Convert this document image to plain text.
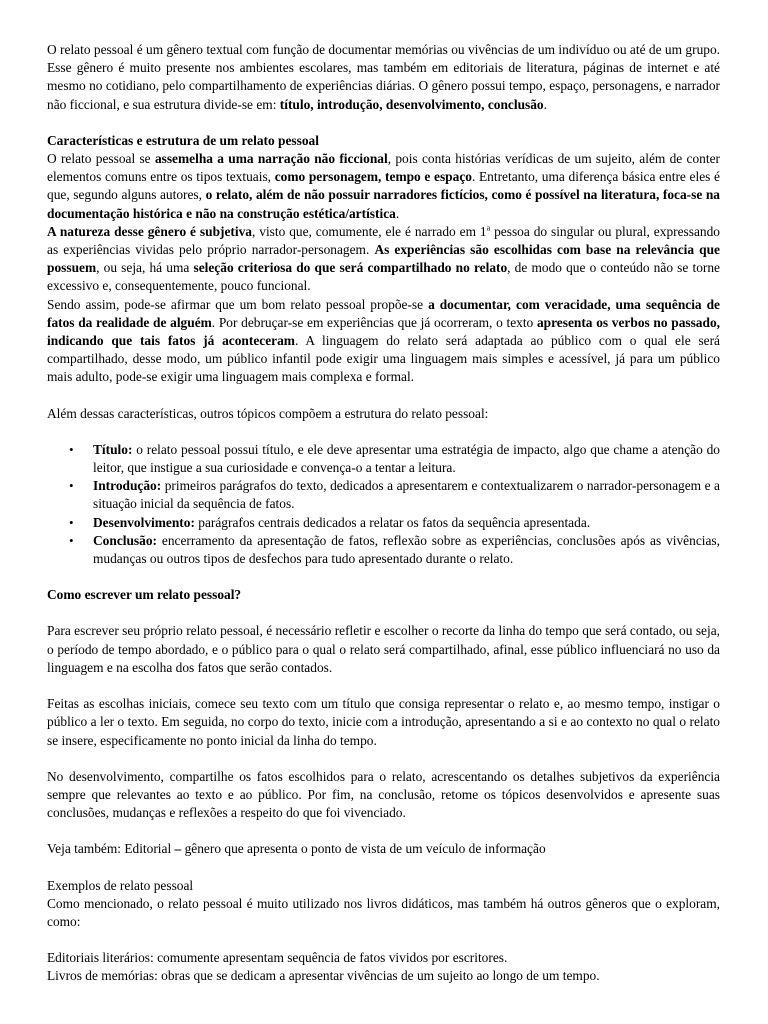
O relato pessoal é um gênero textual com função de documentar memórias ou vivências de um indivíduo ou até de um grupo. Esse gênero é muito presente nos ambientes escolares, mas também em editoriais de literatura, páginas de internet e até mesmo no cotidiano, pelo compartilhamento de experiências diárias. O gênero possui tempo, espaço, personagens, e narrador não ficcional, e sua estrutura divide-se em: título, introdução, desenvolvimento, conclusão.

Características e estrutura de um relato pessoal

O relato pessoal se assemelha a uma narração não ficcional, pois conta histórias verídicas de um sujeito, além de conter elementos comuns entre os tipos textuais, como personagem, tempo e espaço. Entretanto, uma diferença básica entre eles é que, segundo alguns autores, o relato, além de não possuir narradores fictícios, como é possível na literatura, foca-se na documentação histórica e não na construção estética/artística.

A natureza desse gênero é subjetiva, visto que, comumente, ele é narrado em 1$^a$ pessoa do singular ou plural, expressando as experiências vividas pelo próprio narrador-personagem. As experiências são escolhidas com base na relevância que possuem, ou seja, há uma seleção criteriosa do que será compartilhado no relato, de modo que o conteúdo não se torne excessivo e, consequentemente, pouco funcional.

Sendo assim, pode-se afirmar que um bom relato pessoal propõe-se a documentar, com veracidade, uma sequência de fatos da realidade de alguém. Por debruçar-se em experiências que já ocorreram, o texto apresenta os verbos no passado, indicando que tais fatos já aconteceram. A linguagem do relato será adaptada ao público com o qual ele será compartilhado, desse modo, um público infantil pode exigir uma linguagem mais simples e acessível, já para um público mais adulto, pode-se exigir uma linguagem mais complexa e formal.

Além dessas características, outros tópicos compõem a estrutura do relato pessoal:

• Título: o relato pessoal possui título, e ele deve apresentar uma estratégia de impacto, algo que chame a atenção do leitor, que instigue a sua curiosidade e convença-o a tentar a leitura.
• Introdução: primeiros parágrafos do texto, dedicados a apresentarem e contextualizarem o narrador-personagem e a situação inicial da sequência de fatos.
• Desenvolvimento: parágrafos centrais dedicados a relatar os fatos da sequência apresentada.
• Conclusão: encerramento da apresentação de fatos, reflexão sobre as experiências, conclusões após as vivências, mudanças ou outros tipos de desfechos para tudo apresentado durante o relato.

Como escrever um relato pessoal?

Para escrever seu próprio relato pessoal, é necessário refletir e escolher o recorte da linha do tempo que será contado, ou seja, o período de tempo abordado, e o público para o qual o relato será compartilhado, afinal, esse público influenciará no uso da linguagem e na escolha dos fatos que serão contados.

Feitas as escolhas iniciais, comece seu texto com um título que consiga representar o relato e, ao mesmo tempo, instigar o público a ler o texto. Em seguida, no corpo do texto, inicie com a introdução, apresentando a si e ao contexto no qual o relato se insere, especificamente no ponto inicial da linha do tempo.

No desenvolvimento, compartilhe os fatos escolhidos para o relato, acrescentando os detalhes subjetivos da experiência sempre que relevantes ao texto e ao público. Por fim, na conclusão, retome os tópicos desenvolvidos e apresente suas conclusões, mudanças e reflexões a respeito do que foi vivenciado.

Veja também: Editorial – gênero que apresenta o ponto de vista de um veículo de informação

Exemplos de relato pessoal

Como mencionado, o relato pessoal é muito utilizado nos livros didáticos, mas também há outros gêneros que o exploram, como:

Editoriais literários: comumente apresentam sequência de fatos vividos por escritores.

Livros de memórias: obras que se dedicam a apresentar vivências de um sujeito ao longo de um tempo.
